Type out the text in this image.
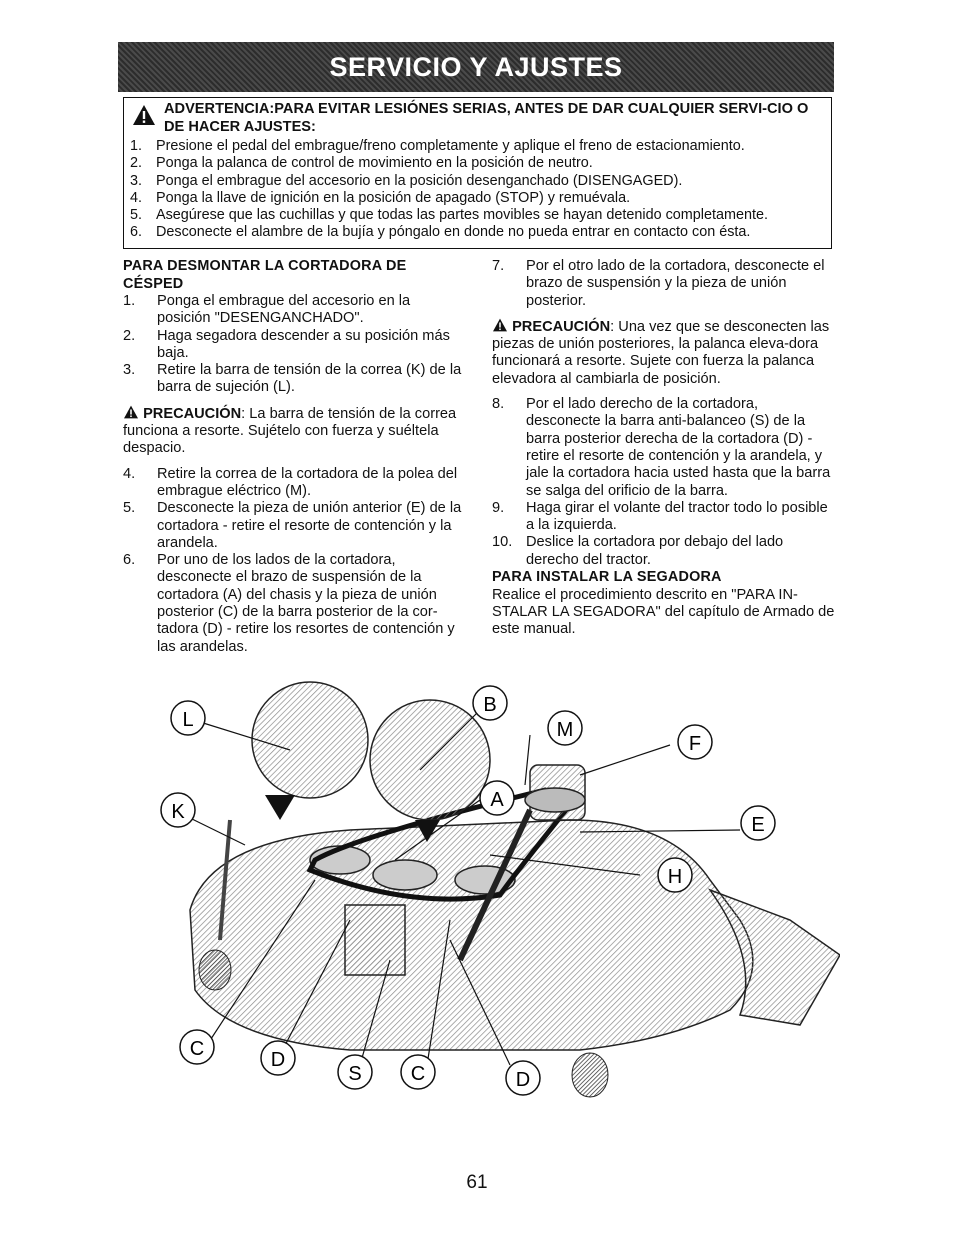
SERVICIO Y AJUSTES
ADVERTENCIA:PARA EVITAR LESIÓNES SERIAS, ANTES DE DAR CUALQUIER SERVI-CIO O DE HACER AJUSTES:
1. Presione el pedal del embrague/freno completamente y aplique el freno de estacionamiento.
2. Ponga la palanca de control de movimiento en la posición de neutro.
3. Ponga el embrague del accesorio en la posición desenganchado (DISENGAGED).
4. Ponga la llave de ignición en la posición de apagado (STOP) y remuévala.
5. Asegúrese que las cuchillas y que todas las partes movibles se hayan detenido completamente.
6. Desconecte el alambre de la bujía y póngalo en donde no pueda entrar en contacto con ésta.
PARA DESMONTAR LA CORTADORA DE CÉSPED
1.	Ponga el embrague del accesorio en la posición "DESENGANCHADO".
2.	Haga segadora descender a su posición más baja.
3.	Retire la barra de tensión de la correa (K) de la barra de sujeción (L).
PRECAUCIÓN: La barra de tensión de la correa funciona a resorte. Sujételo con fuerza y suéltela despacio.
4.	Retire la correa de la cortadora de la polea del embrague eléctrico (M).
5.	Desconecte la pieza de unión anterior (E) de la cortadora - retire el resorte de contención y la arandela.
6.	Por uno de los lados de la cortadora, desconecte el brazo de suspensión de la cortadora (A) del chasis y la pieza de unión posterior (C) de la barra posterior de la cor-tadora (D) - retire los resortes de contención y las arandelas.
7.	Por el otro lado de la cortadora, desconecte el brazo de suspensión y la pieza de unión posterior.
PRECAUCIÓN: Una vez que se desconecten las piezas de unión posteriores, la palanca eleva-dora funcionará a resorte. Sujete con fuerza la palanca elevadora al cambiarla de posición.
8.	Por el lado derecho de la cortadora, desconecte la barra anti-balanceo (S) de la barra posterior derecha de la cortadora (D) - retire el resorte de contención y la arandela, y jale la cortadora hacia usted hasta que la barra se salga del orificio de la barra.
9.	Haga girar el volante del tractor todo lo posible a la izquierda.
10. Deslice la cortadora por debajo del lado derecho del tractor.
PARA INSTALAR LA SEGADORA
Realice el procedimiento descrito en "PARA IN-STALAR LA SEGADORA" del capítulo de Armado de este manual.
L
B
M
F
K
A
E
H
C	D
S C	D
61
